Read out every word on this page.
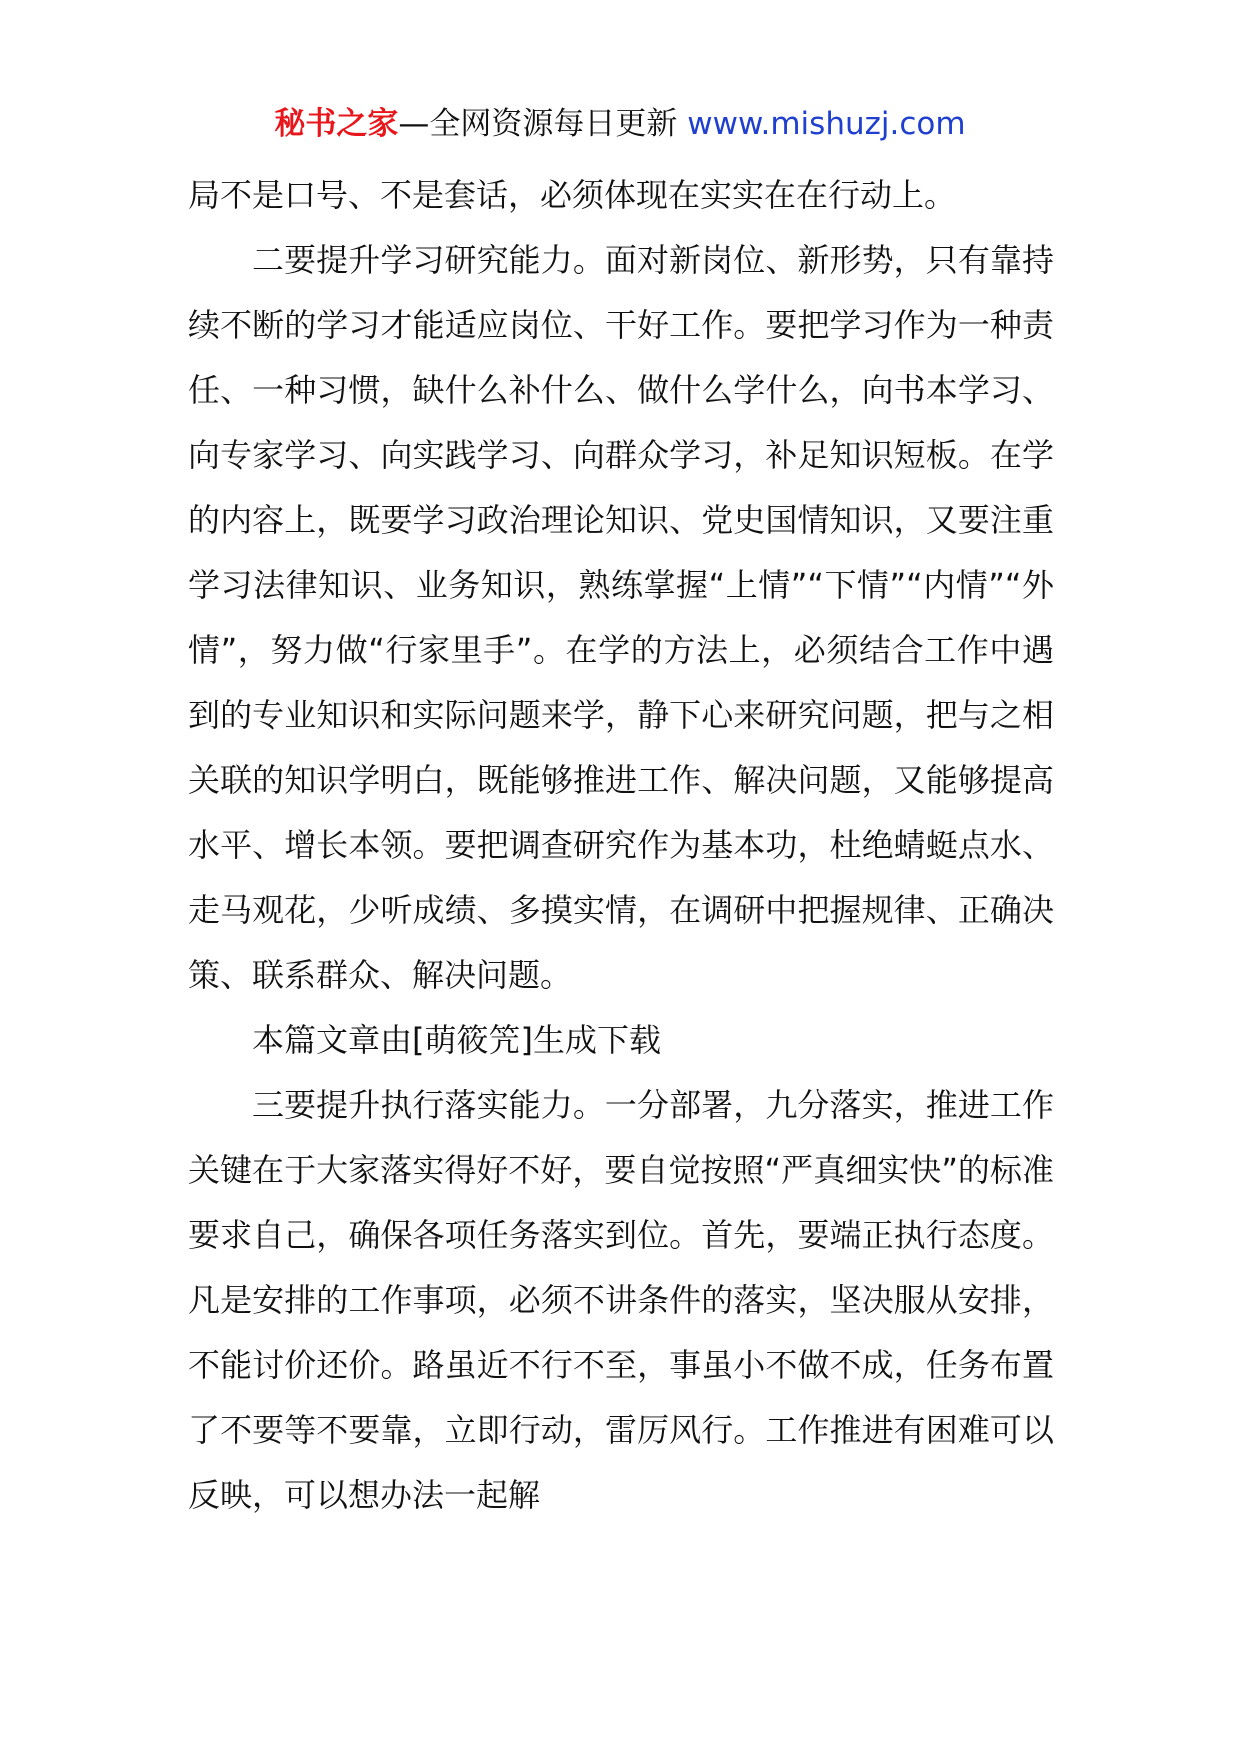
秘书之家—全网资源每日更新 www.mishuzj.com

局不是口号、不是套话，必须体现在实实在在行动上。

二要提升学习研究能力。面对新岗位、新形势，只有靠持续不断的学习才能适应岗位、干好工作。要把学习作为一种责任、一种习惯，缺什么补什么、做什么学什么，向书本学习、向专家学习、向实践学习、向群众学习，补足知识短板。在学的内容上，既要学习政治理论知识、党史国情知识，又要注重学习法律知识、业务知识，熟练掌握“上情”“下情”“内情”“外情”，努力做“行家里手”。在学的方法上，必须结合工作中遇到的专业知识和实际问题来学，静下心来研究问题，把与之相关联的知识学明白，既能够推进工作、解决问题，又能够提高水平、增长本领。要把调查研究作为基本功，杜绝蜻蜓点水、走马观花，少听成绩、多摸实情，在调研中把握规律、正确决策、联系群众、解决问题。

本篇文章由[萌筱笐]生成下载

三要提升执行落实能力。一分部署，九分落实，推进工作关键在于大家落实得好不好，要自觉按照“严真细实快”的标准要求自己，确保各项任务落实到位。首先，要端正执行态度。凡是安排的工作事项，必须不讲条件的落实，坚决服从安排，不能讨价还价。路虽近不行不至，事虽小不做不成，任务布置了不要等不要靠，立即行动，雷厉风行。工作推进有困难可以反映，可以想办法一起解
